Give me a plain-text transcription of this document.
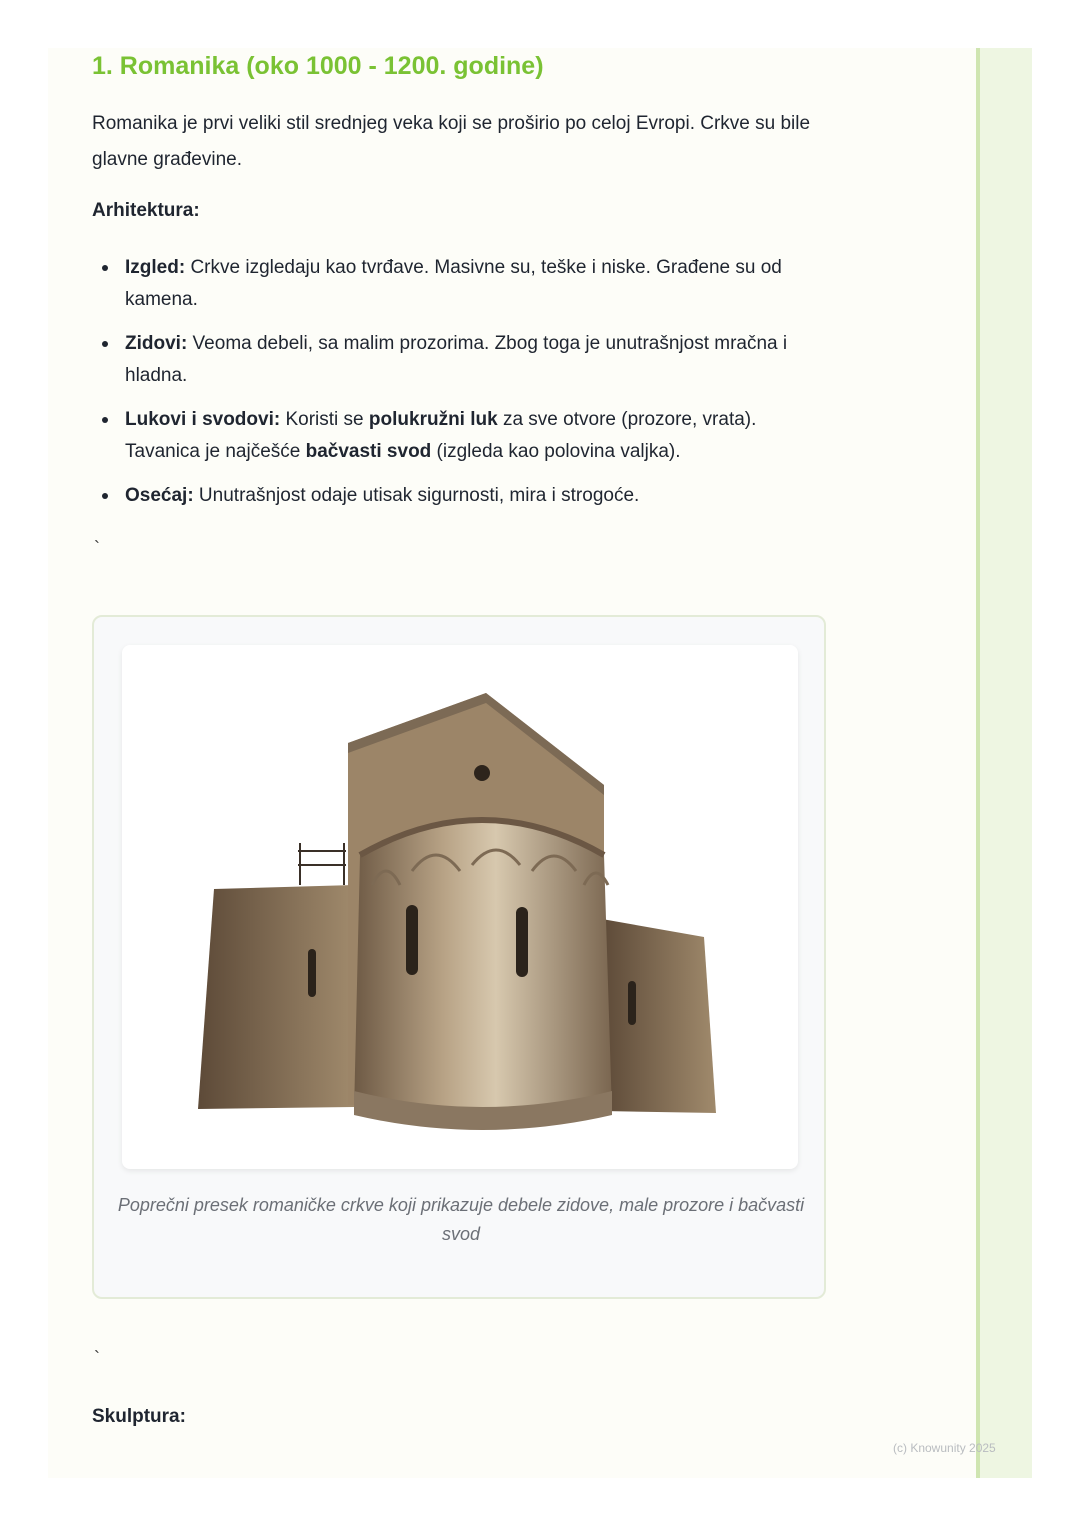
1. Romanika (oko 1000 - 1200. godine)

Romanika je prvi veliki stil srednjeg veka koji se proširio po celoj Evropi. Crkve su bile glavne građevine.

Arhitektura:

Izgled: Crkve izgledaju kao tvrđave. Masivne su, teške i niske. Građene su od kamena.
Zidovi: Veoma debeli, sa malim prozorima. Zbog toga je unutrašnjost mračna i hladna.
Lukovi i svodovi: Koristi se polukružni luk za sve otvore (prozore, vrata). Tavanica je najčešće bačvasti svod (izgleda kao polovina valjka).
Osećaj: Unutrašnjost odaje utisak sigurnosti, mira i strogoće.
`
Poprečni presek romaničke crkve koji prikazuje debele zidove, male prozore i bačvasti svod
`

Skulptura:

(c) Knowunity 2025
